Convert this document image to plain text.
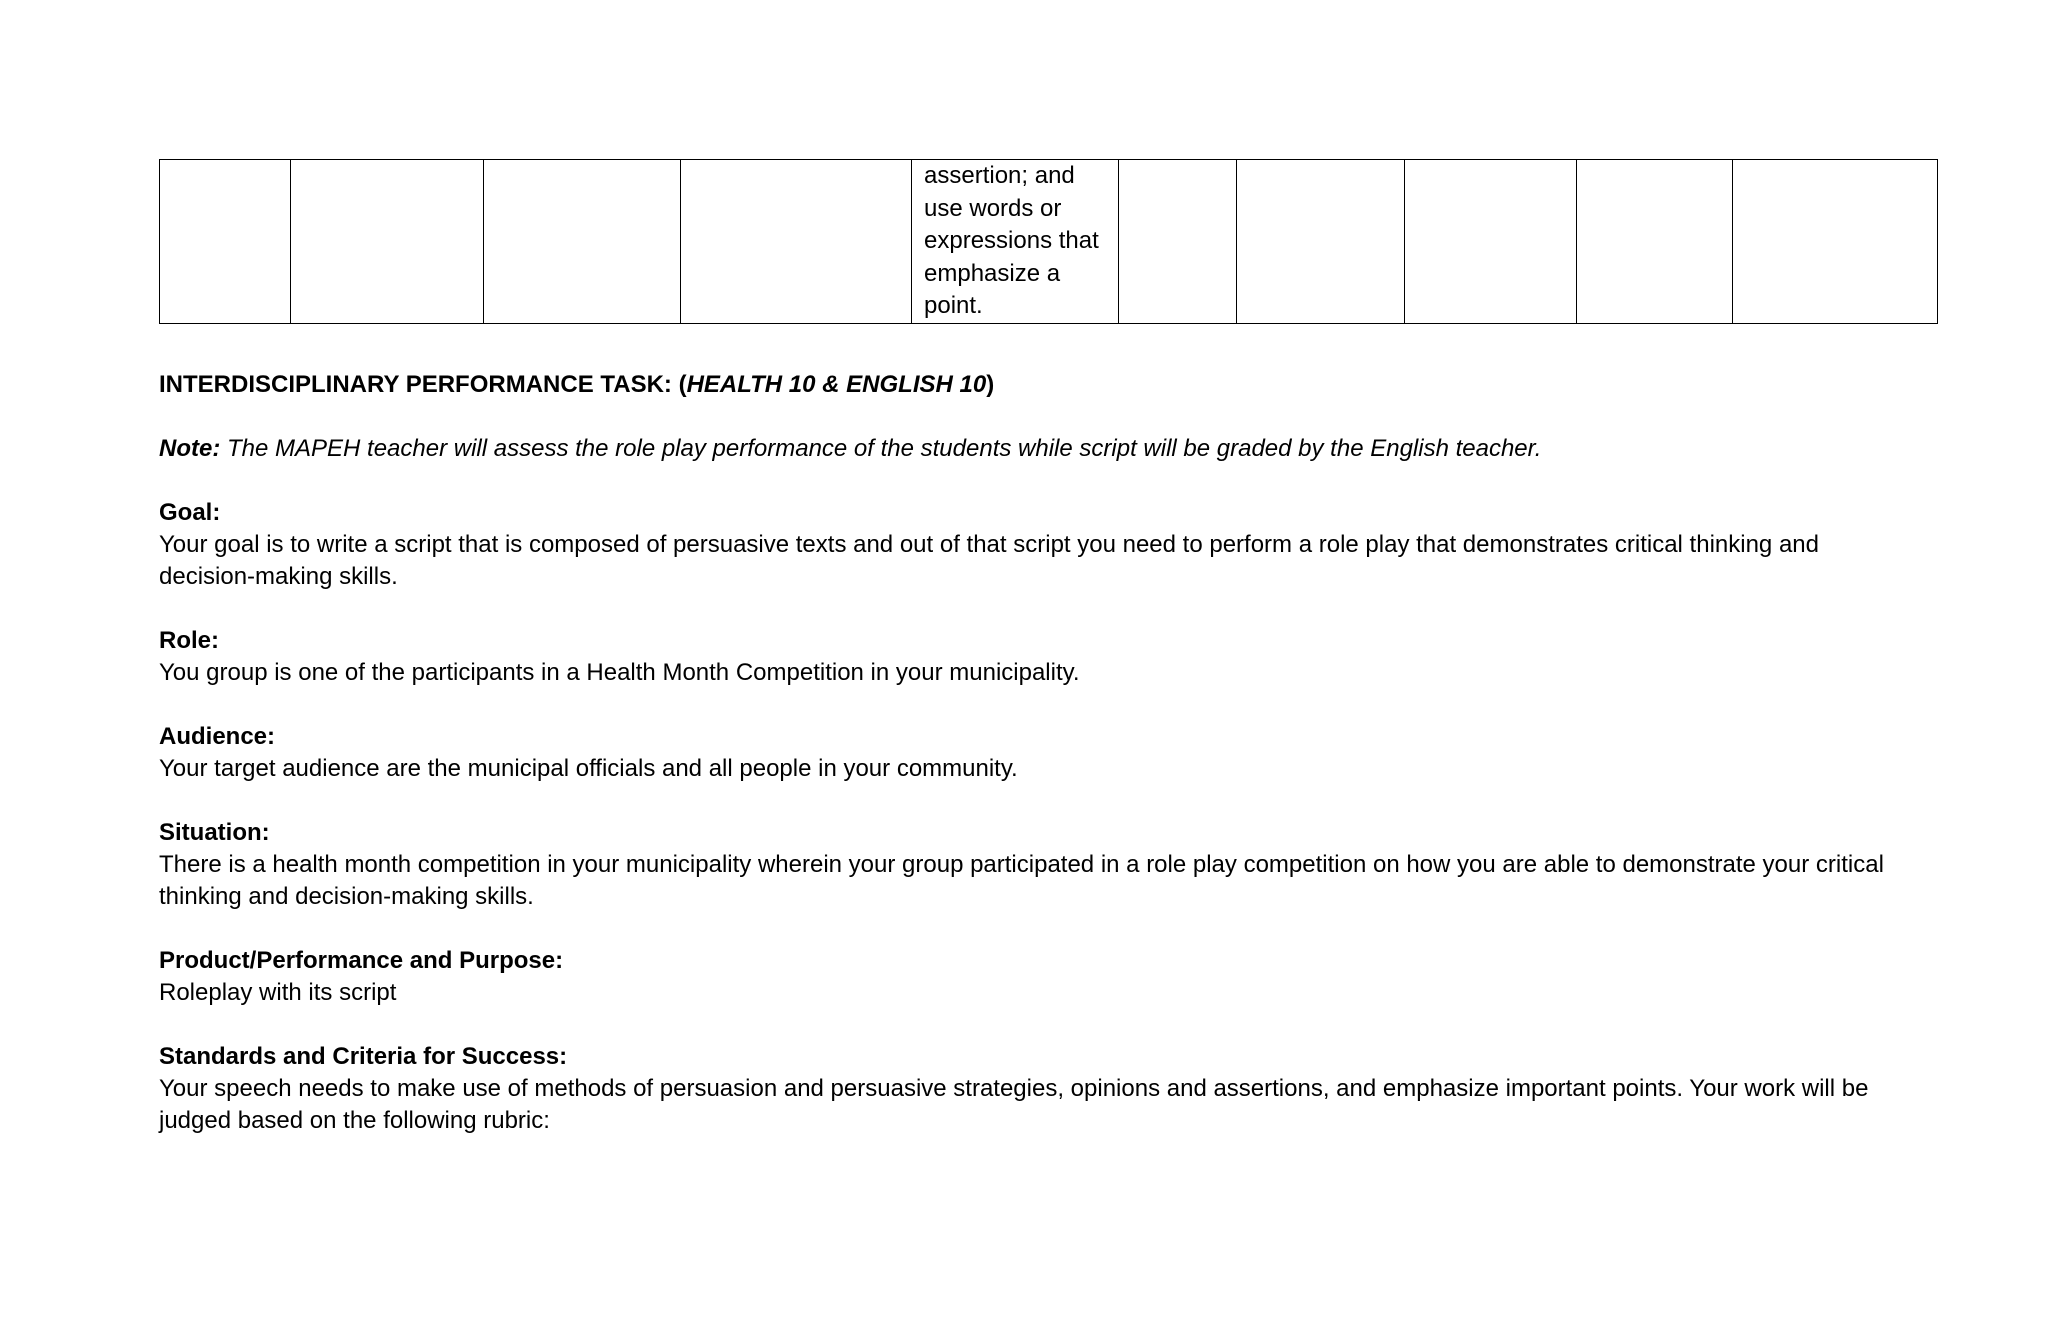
assertion; and
use words or
expressions that
emphasize a
point.

INTERDISCIPLINARY PERFORMANCE TASK: (HEALTH 10 & ENGLISH 10)

Note: The MAPEH teacher will assess the role play performance of the students while script will be graded by the English teacher.

Goal:

Your goal is to write a script that is composed of persuasive texts and out of that script you need to perform a role play that demonstrates critical thinking and decision-making skills.

Role:

You group is one of the participants in a Health Month Competition in your municipality.

Audience:

Your target audience are the municipal officials and all people in your community.

Situation:

There is a health month competition in your municipality wherein your group participated in a role play competition on how you are able to demonstrate your critical thinking and decision-making skills.

Product/Performance and Purpose:

Roleplay with its script

Standards and Criteria for Success:

Your speech needs to make use of methods of persuasion and persuasive strategies, opinions and assertions, and emphasize important points. Your work will be judged based on the following rubric:
